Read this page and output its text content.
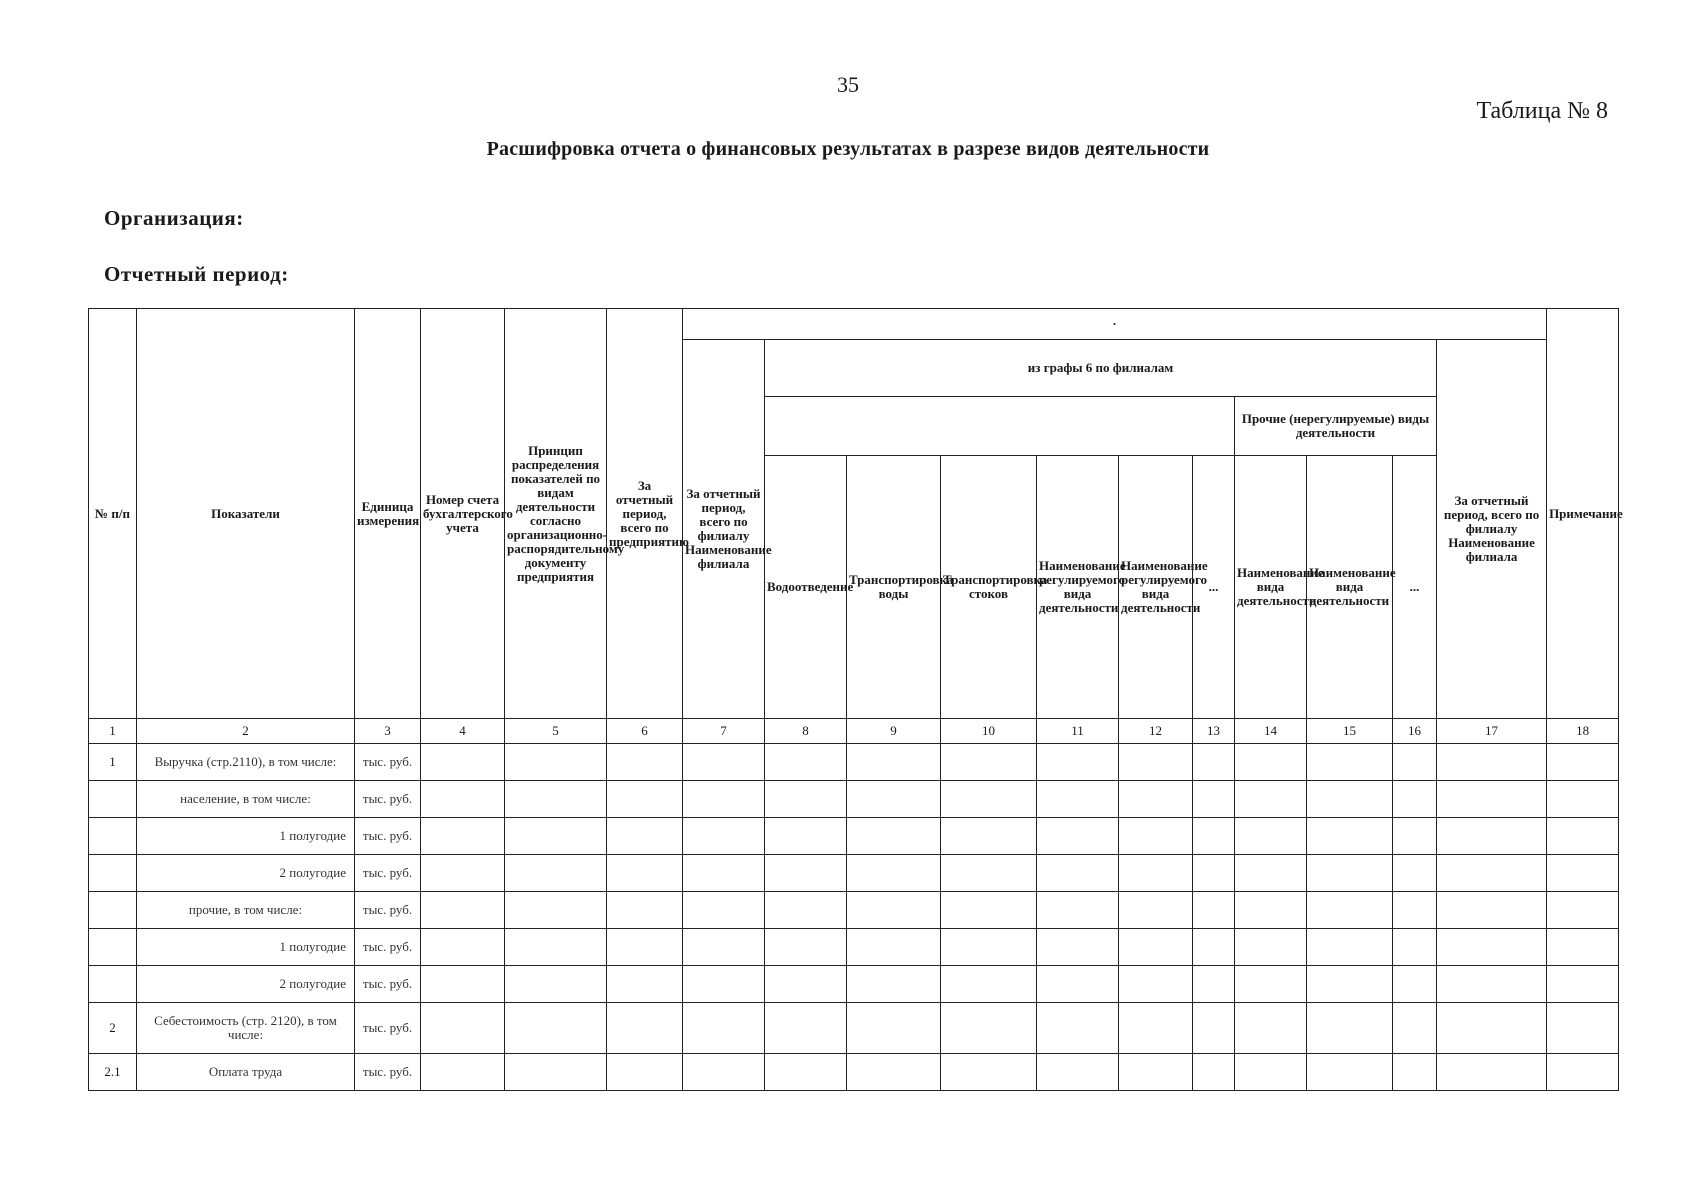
35
Таблица № 8
Расшифровка отчета о финансовых результатах в разрезе видов деятельности
Организация:
Отчетный период:
№ п/п	Показатели	Единица измерения	Номер счета бухгалтерского учета	Принцип распределения показателей по видам деятельности согласно организационно-распорядительному документу предприятия	За отчетный период, всего по предприятию	·											Примечание
						За отчетный период, всего по филиалу Наименование филиала	из графы 6 по филиалам									За отчетный период, всего по филиалу Наименование филиала	
													Прочие (нерегулируемые) виды деятельности				
							Водоотведение	Транспортировка воды	Транспортировка стоков	Наименование регулируемого вида деятельности	Наименование регулируемого вида деятельности	...	Наименование вида деятельности	Наименование вида деятельности	...		
1	2	3	4	5	6	7	8	9	10	11	12	13	14	15	16	17	18
1	Выручка (стр.2110), в том числе:	тыс. руб.															
	население, в том числе:	тыс. руб.															
	1 полугодие	тыс. руб.															
	2 полугодие	тыс. руб.															
	прочие, в том числе:	тыс. руб.															
	1 полугодие	тыс. руб.															
	2 полугодие	тыс. руб.															
2	Себестоимость (стр. 2120), в том числе:	тыс. руб.															
2.1	Оплата труда	тыс. руб.															
